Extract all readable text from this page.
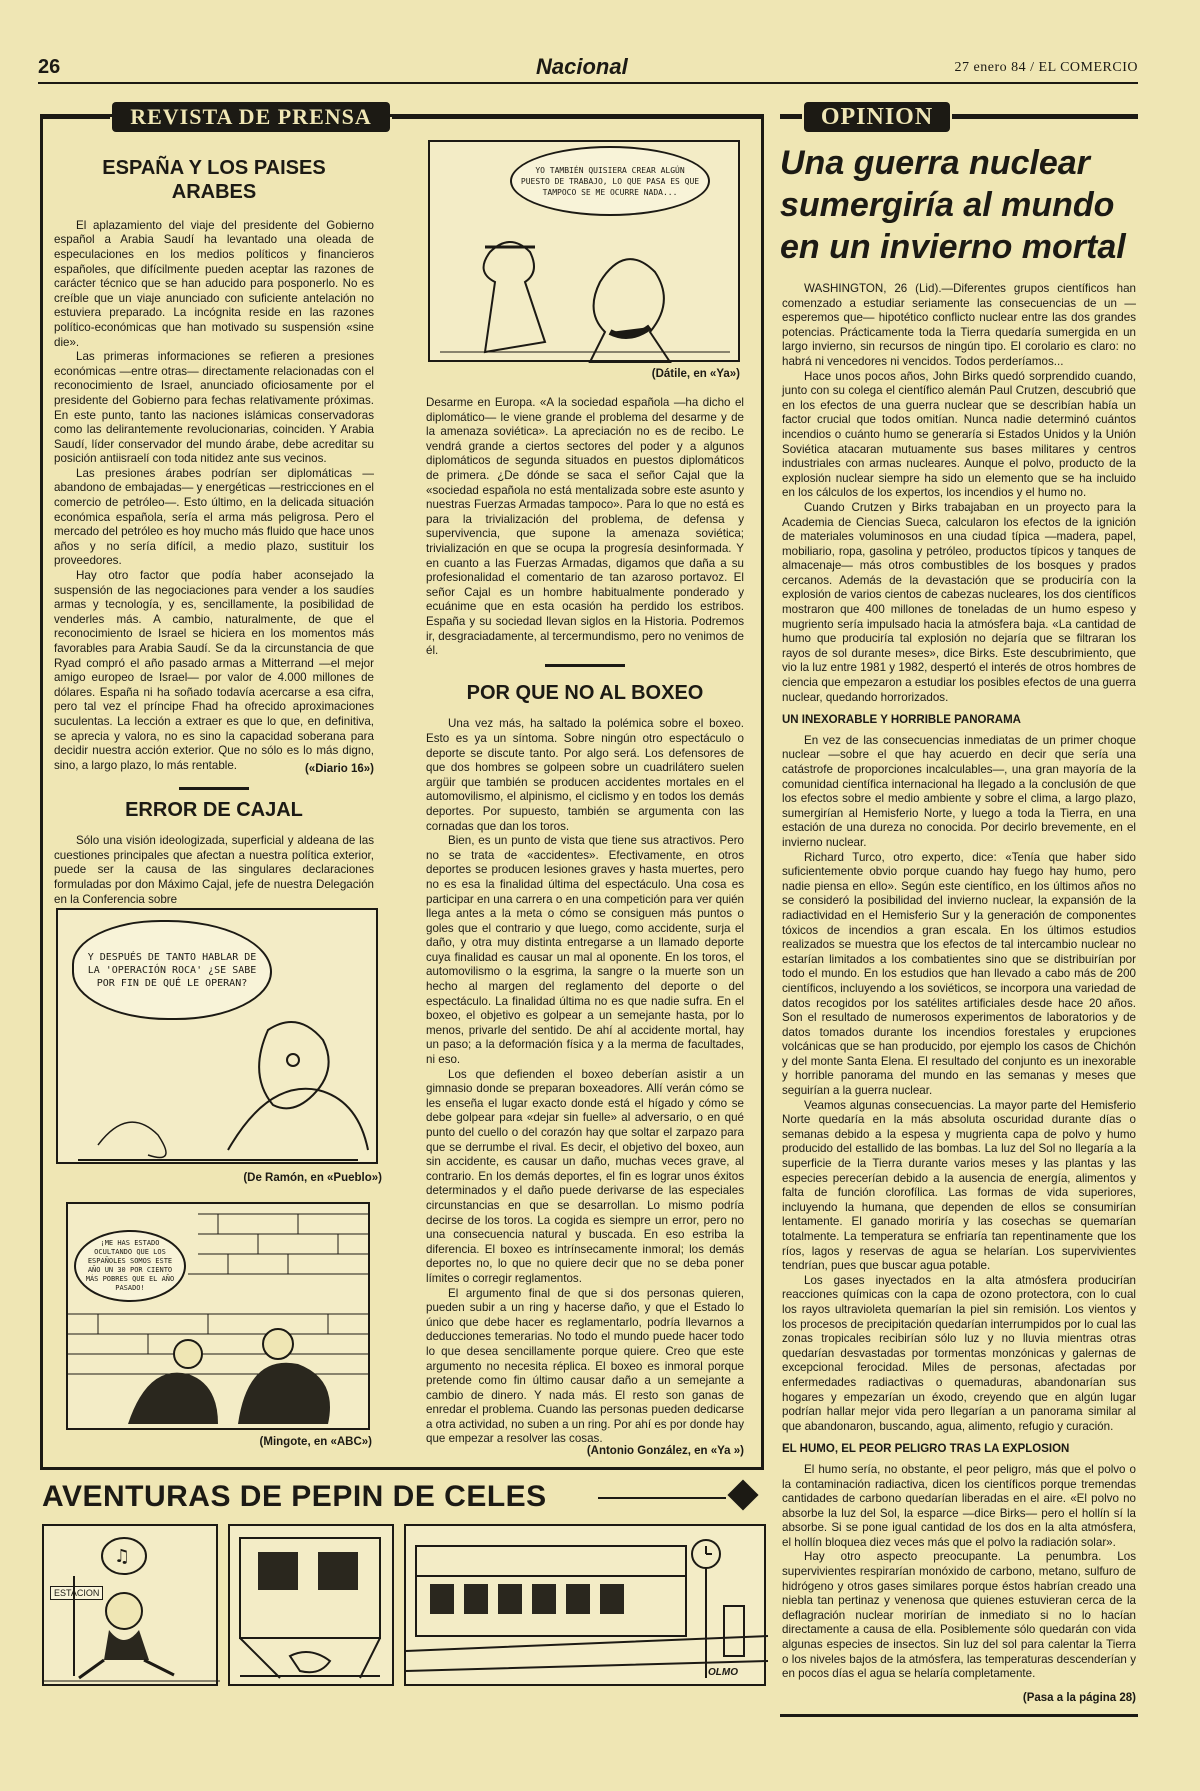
26	Nacional	27 enero 84 / EL COMERCIO
REVISTA DE PRENSA
ESPAÑA Y LOS PAISES ARABES

El aplazamiento del viaje del presidente del Gobierno español a Arabia Saudí ha levantado una oleada de especulaciones en los medios políticos y financieros españoles, que difícilmente pueden aceptar las razones de carácter técnico que se han aducido para posponerlo. No es creíble que un viaje anunciado con suficiente antelación no estuviera preparado. La incógnita reside en las razones político-económicas que han motivado su suspensión «sine die».

Las primeras informaciones se refieren a presiones económicas —entre otras— directamente relacionadas con el reconocimiento de Israel, anunciado oficiosamente por el presidente del Gobierno para fechas relativamente próximas. En este punto, tanto las naciones islámicas conservadoras como las delirantemente revolucionarias, coinciden. Y Arabia Saudí, líder conservador del mundo árabe, debe acreditar su posición antiisraelí con toda nitidez ante sus vecinos.

Las presiones árabes podrían ser diplomáticas —abandono de embajadas— y energéticas —restricciones en el comercio de petróleo—. Esto último, en la delicada situación económica española, sería el arma más peligrosa. Pero el mercado del petróleo es hoy mucho más fluido que hace unos años y no sería difícil, a medio plazo, sustituir los proveedores.

Hay otro factor que podía haber aconsejado la suspensión de las negociaciones para vender a los saudíes armas y tecnología, y es, sencillamente, la posibilidad de venderles más. A cambio, naturalmente, de que el reconocimiento de Israel se hiciera en los momentos más favorables para Arabia Saudí. Se da la circunstancia de que Ryad compró el año pasado armas a Mitterrand —el mejor amigo europeo de Israel— por valor de 4.000 millones de dólares. España ni ha soñado todavía acercarse a esa cifra, pero tal vez el príncipe Fhad ha ofrecido aproximaciones suculentas. La lección a extraer es que lo que, en definitiva, se aprecia y valora, no es sino la capacidad soberana para decidir nuestra acción exterior. Que no sólo es lo más digno, sino, a largo plazo, lo más rentable.	(«Diario 16»)
ERROR DE CAJAL

Sólo una visión ideologizada, superficial y aldeana de las cuestiones principales que afectan a nuestra política exterior, puede ser la causa de las singulares declaraciones formuladas por don Máximo Cajal, jefe de nuestra Delegación en la Conferencia sobre

Y DESPUÉS DE TANTO HABLAR DE LA 'OPERACIÓN ROCA' ¿SE SABE POR FIN DE QUÉ LE OPERAN?
(De Ramón, en «Pueblo»)
¡ME HAS ESTADO OCULTANDO QUE LOS ESPAÑOLES SOMOS ESTE AÑO UN 30 POR CIENTO MÁS POBRES QUE EL AÑO PASADO!
(Mingote, en «ABC»)
YO TAMBIÉN QUISIERA CREAR ALGÚN PUESTO DE TRABAJO, LO QUE PASA ES QUE TAMPOCO SE ME OCURRE NADA...
(Dátile, en «Ya»)

Desarme en Europa. «A la sociedad española —ha dicho el diplomático— le viene grande el problema del desarme y de la amenaza soviética». La apreciación no es de recibo. Le vendrá grande a ciertos sectores del poder y a algunos diplomáticos de segunda situados en puestos diplomáticos de primera. ¿De dónde se saca el señor Cajal que la «sociedad española no está mentalizada sobre este asunto y nuestras Fuerzas Armadas tampoco». Para lo que no está es para la trivialización del problema, de defensa y supervivencia, que supone la amenaza soviética; trivialización en que se ocupa la progresía desinformada. Y en cuanto a las Fuerzas Armadas, digamos que daña a su profesionalidad el comentario de tan azaroso portavoz. El señor Cajal es un hombre habitualmente ponderado y ecuánime que en esta ocasión ha perdido los estribos. España y su sociedad llevan siglos en la Historia. Podremos ir, desgraciadamente, al tercermundismo, pero no venimos de él.

POR QUE NO AL BOXEO

Una vez más, ha saltado la polémica sobre el boxeo. Esto es ya un síntoma. Sobre ningún otro espectáculo o deporte se discute tanto. Por algo será. Los defensores de que dos hombres se golpeen sobre un cuadrilátero suelen argüir que también se producen accidentes mortales en el automovilismo, el alpinismo, el ciclismo y en todos los demás deportes. Por supuesto, también se argumenta con las cornadas que dan los toros.

Bien, es un punto de vista que tiene sus atractivos. Pero no se trata de «accidentes». Efectivamente, en otros deportes se producen lesiones graves y hasta muertes, pero no es esa la finalidad última del espectáculo. Una cosa es participar en una carrera o en una competición para ver quién llega antes a la meta o cómo se consiguen más puntos o goles que el contrario y que luego, como accidente, surja el daño, y otra muy distinta entregarse a un llamado deporte cuya finalidad es causar un mal al oponente. En los toros, el automovilismo o la esgrima, la sangre o la muerte son un hecho al margen del reglamento del deporte o del espectáculo. La finalidad última no es que nadie sufra. En el boxeo, el objetivo es golpear a un semejante hasta, por lo menos, privarle del sentido. De ahí al accidente mortal, hay un paso; a la deformación física y a la merma de facultades, ni eso.

Los que defienden el boxeo deberían asistir a un gimnasio donde se preparan boxeadores. Allí verán cómo se les enseña el lugar exacto donde está el hígado y cómo se debe golpear para «dejar sin fuelle» al adversario, o en qué punto del cuello o del corazón hay que soltar el zarpazo para que se derrumbe el rival. Es decir, el objetivo del boxeo, aun sin accidente, es causar un daño, muchas veces grave, al contrario. En los demás deportes, el fin es lograr unos éxitos determinados y el daño puede derivarse de las especiales circunstancias en que se desarrollan. Lo mismo podría decirse de los toros. La cogida es siempre un error, pero no una consecuencia natural y buscada. En eso estriba la diferencia. El boxeo es intrínsecamente inmoral; los demás deportes no, lo que no quiere decir que no se deba poner límites o corregir reglamentos.

El argumento final de que si dos personas quieren, pueden subir a un ring y hacerse daño, y que el Estado lo único que debe hacer es reglamentarlo, podría llevarnos a deducciones temerarias. No todo el mundo puede hacer todo lo que desea sencillamente porque quiere. Creo que este argumento no necesita réplica. El boxeo es inmoral porque pretende como fin último causar daño a un semejante a cambio de dinero. Y nada más. El resto son ganas de enredar el problema. Cuando las personas pueden dedicarse a otra actividad, no suben a un ring. Por ahí es por donde hay que empezar a resolver las cosas.

(Antonio González, en «Ya »)
AVENTURAS DE PEPIN DE CELES
ESTACION
♫
OLMO
OPINION
Una guerra nuclear
sumergiría al mundo
en un invierno mortal

WASHINGTON, 26 (Lid).—Diferentes grupos científicos han comenzado a estudiar seriamente las consecuencias de un —esperemos que— hipotético conflicto nuclear entre las dos grandes potencias. Prácticamente toda la Tierra quedaría sumergida en un largo invierno, sin recursos de ningún tipo. El corolario es claro: no habrá ni vencedores ni vencidos. Todos perderíamos...

Hace unos pocos años, John Birks quedó sorprendido cuando, junto con su colega el científico alemán Paul Crutzen, descubrió que en los efectos de una guerra nuclear que se describían había un factor crucial que todos omitían. Nunca nadie determinó cuántos incendios o cuánto humo se generaría si Estados Unidos y la Unión Soviética atacaran mutuamente sus bases militares y centros industriales con armas nucleares. Aunque el polvo, producto de la explosión nuclear siempre ha sido un elemento que se ha incluido en los cálculos de los expertos, los incendios y el humo no.

Cuando Crutzen y Birks trabajaban en un proyecto para la Academia de Ciencias Sueca, calcularon los efectos de la ignición de materiales voluminosos en una ciudad típica —madera, papel, mobiliario, ropa, gasolina y petróleo, productos típicos y tanques de almacenaje— más otros combustibles de los bosques y prados cercanos. Además de la devastación que se produciría con la explosión de varios cientos de cabezas nucleares, los dos científicos mostraron que 400 millones de toneladas de un humo espeso y mugriento sería impulsado hacia la atmósfera baja. «La cantidad de humo que produciría tal explosión no dejaría que se filtraran los rayos de sol durante meses», dice Birks. Este descubrimiento, que vio la luz entre 1981 y 1982, despertó el interés de otros hombres de ciencia que empezaron a estudiar los posibles efectos de una guerra nuclear, quedando horrorizados.

UN INEXORABLE Y HORRIBLE PANORAMA

En vez de las consecuencias inmediatas de un primer choque nuclear —sobre el que hay acuerdo en decir que sería una catástrofe de proporciones incalculables—, una gran mayoría de la comunidad científica internacional ha llegado a la conclusión de que los efectos sobre el medio ambiente y sobre el clima, a largo plazo, sumergirían al Hemisferio Norte, y luego a toda la Tierra, en una estación de una dureza no conocida. Por decirlo brevemente, en el invierno nuclear.

Richard Turco, otro experto, dice: «Tenía que haber sido suficientemente obvio porque cuando hay fuego hay humo, pero nadie piensa en ello». Según este científico, en los últimos años no se consideró la posibilidad del invierno nuclear, la expansión de la radiactividad en el Hemisferio Sur y la generación de componentes tóxicos de incendios a gran escala. En los últimos estudios realizados se muestra que los efectos de tal intercambio nuclear no estarían limitados a los combatientes sino que se distribuirían por todo el mundo. En los estudios que han llevado a cabo más de 200 científicos, incluyendo a los soviéticos, se incorpora una variedad de datos recogidos por los satélites artificiales desde hace 20 años. Son el resultado de numerosos experimentos de laboratorios y de datos tomados durante los incendios forestales y erupciones volcánicas que se han producido, por ejemplo los casos de Chichón y del monte Santa Elena. El resultado del conjunto es un inexorable y horrible panorama del mundo en las semanas y meses que seguirían a la guerra nuclear.

Veamos algunas consecuencias. La mayor parte del Hemisferio Norte quedaría en la más absoluta oscuridad durante días o semanas debido a la espesa y mugrienta capa de polvo y humo producido del estallido de las bombas. La luz del Sol no llegaría a la superficie de la Tierra durante varios meses y las plantas y las especies perecerían debido a la ausencia de energía, alimentos y falta de función clorofílica. Las formas de vida superiores, incluyendo la humana, que dependen de ellos se consumirían lentamente. El ganado moriría y las cosechas se quemarían totalmente. La temperatura se enfriaría tan repentinamente que los ríos, lagos y reservas de agua se helarían. Los supervivientes tendrían, pues que buscar agua potable.

Los gases inyectados en la alta atmósfera producirían reacciones químicas con la capa de ozono protectora, con lo cual los rayos ultravioleta quemarían la piel sin remisión. Los vientos y los procesos de precipitación quedarían interrumpidos por lo cual las zonas tropicales recibirían sólo luz y no lluvia mientras otras quedarían desvastadas por tormentas monzónicas y galernas de excepcional ferocidad. Miles de personas, afectadas por enfermedades radiactivas o quemaduras, abandonarían sus hogares y empezarían un éxodo, creyendo que en algún lugar podrían hallar mejor vida pero llegarían a un panorama similar al que abandonaron, buscando, agua, alimento, refugio y curación.

EL HUMO, EL PEOR PELIGRO TRAS LA EXPLOSION

El humo sería, no obstante, el peor peligro, más que el polvo o la contaminación radiactiva, dicen los científicos porque tremendas cantidades de carbono quedarían liberadas en el aire. «El polvo no absorbe la luz del Sol, la esparce —dice Birks— pero el hollín sí la absorbe. Si se pone igual cantidad de los dos en la alta atmósfera, el hollín bloquea diez veces más que el polvo la radiación solar».

Hay otro aspecto preocupante. La penumbra. Los supervivientes respirarían monóxido de carbono, metano, sulfuro de hidrógeno y otros gases similares porque éstos habrían creado una niebla tan pertinaz y venenosa que quienes estuvieran cerca de la deflagración nuclear morirían de inmediato si no lo hacían directamente a causa de ella. Posiblemente sólo quedarán con vida algunas especies de insectos. Sin luz del sol para calentar la Tierra o los niveles bajos de la atmósfera, las temperaturas descenderían y en pocos días el agua se helaría completamente.

(Pasa a la página 28)
